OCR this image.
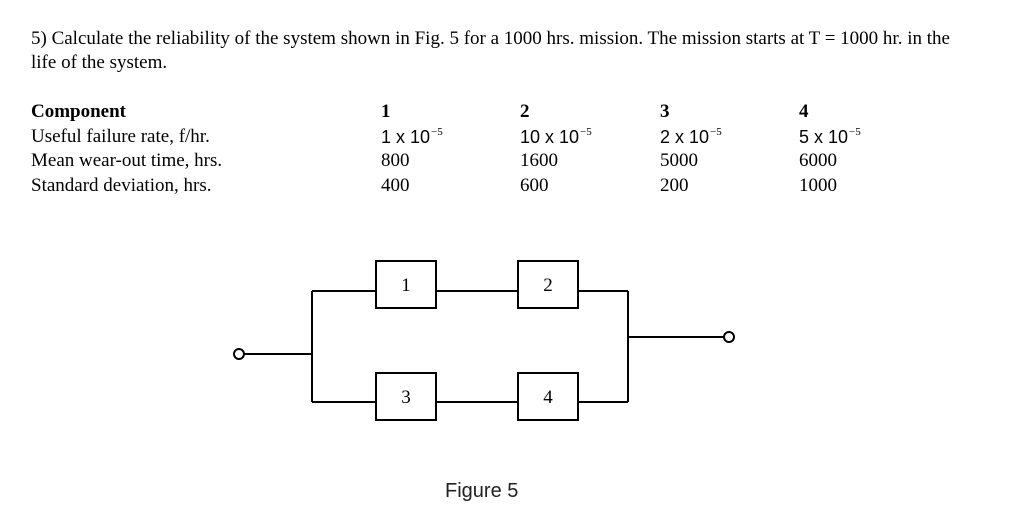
5) Calculate the reliability of the system shown in Fig. 5 for a 1000 hrs. mission. The mission starts at T = 1000 hr. in the life of the system.

Component	1	2	3	4
Useful failure rate, f/hr.	1 x $10^{-5}$	10 x $10^{-5}$	2 x $10^{-5}$	5 x $10^{-5}$
Mean wear-out time, hrs.	800	1600	5000	6000
Standard deviation, hrs.	400	600	200	1000
1	2
3	4
Figure 5
